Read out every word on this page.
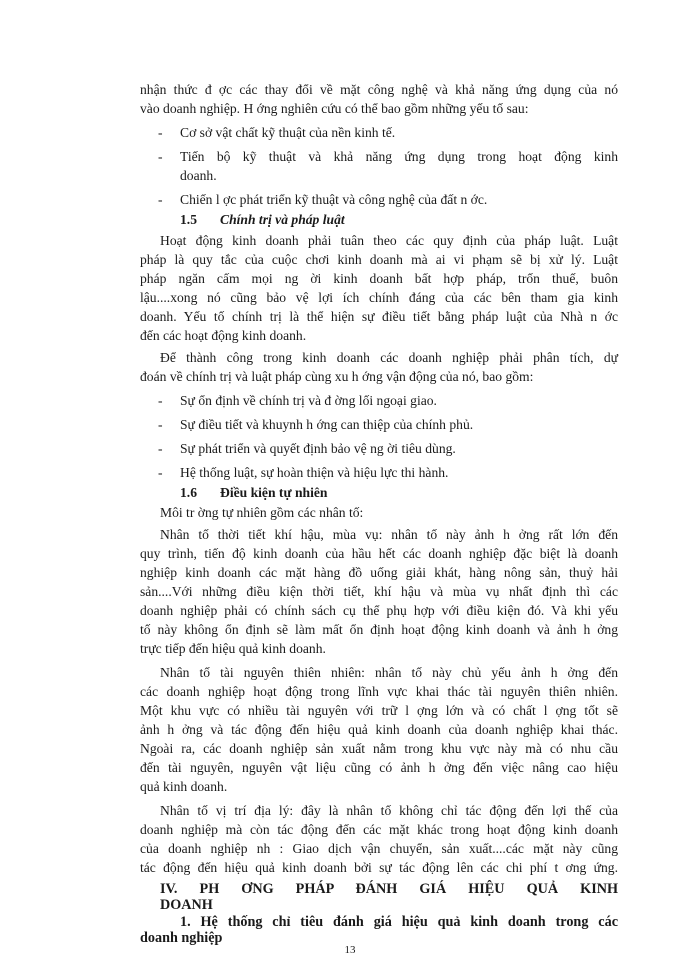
nhận thức đ ợc các thay đổi về mặt công nghệ và khả năng ứng dụng của nó

vào doanh nghiệp. H ớng nghiên cứu có thể bao gồm những yếu tố sau:

- Cơ sở vật chất kỹ thuật của nền kinh tế.
- Tiến bộ kỹ thuật và khả năng ứng dụng trong hoạt động kinh

doanh.

- Chiến l ợc phát triển kỹ thuật và công nghệ của đất n ớc.

1.5 Chính trị và pháp luật

Hoạt động kinh doanh phải tuân theo các quy định của pháp luật. Luật

pháp là quy tắc của cuộc chơi kinh doanh mà ai vi phạm sẽ bị xử lý. Luật

pháp ngăn cấm mọi ng ời kinh doanh bất hợp pháp, trốn thuế, buôn

lậu....xong nó cũng bảo vệ lợi ích chính đáng của các bên tham gia kinh

doanh. Yếu tố chính trị là thể hiện sự điều tiết bằng pháp luật của Nhà n ớc

đến các hoạt động kinh doanh.

Để thành công trong kinh doanh các doanh nghiệp phải phân tích, dự

đoán về chính trị và luật pháp cùng xu h ớng vận động của nó, bao gồm:

- Sự ổn định về chính trị và đ ờng lối ngoại giao.
- Sự điều tiết và khuynh h ớng can thiệp của chính phủ.
- Sự phát triển và quyết định bảo vệ ng ời tiêu dùng.
- Hệ thống luật, sự hoàn thiện và hiệu lực thi hành.

1.6 Điều kiện tự nhiên

Môi tr ờng tự nhiên gồm các nhân tố:

Nhân tố thời tiết khí hậu, mùa vụ: nhân tố này ảnh h ởng rất lớn đến

quy trình, tiến độ kinh doanh của hầu hết các doanh nghiệp đặc biệt là doanh

nghiệp kinh doanh các mặt hàng đồ uống giải khát, hàng nông sản, thuỷ hải

sản....Với những điều kiện thời tiết, khí hậu và mùa vụ nhất định thì các

doanh nghiệp phải có chính sách cụ thể phụ hợp với điều kiện đó. Và khi yếu

tố này không ổn định sẽ làm mất ổn định hoạt động kinh doanh và ảnh h ởng

trực tiếp đến hiệu quả kinh doanh.

Nhân tố tài nguyên thiên nhiên: nhân tố này chủ yếu ảnh h ởng đến

các doanh nghiệp hoạt động trong lĩnh vực khai thác tài nguyên thiên nhiên.

Một khu vực có nhiều tài nguyên với trữ l ợng lớn và có chất l ợng tốt sẽ

ảnh h ởng và tác động đến hiệu quả kinh doanh của doanh nghiệp khai thác.

Ngoài ra, các doanh nghiệp sản xuất nằm trong khu vực này mà có nhu cầu

đến tài nguyên, nguyên vật liệu cũng có ảnh h ởng đến việc nâng cao hiệu

quả kinh doanh.

Nhân tố vị trí địa lý: đây là nhân tố không chỉ tác động đến lợi thế của

doanh nghiệp mà còn tác động đến các mặt khác trong hoạt động kinh doanh

của doanh nghiệp nh : Giao dịch vận chuyển, sản xuất....các mặt này cũng

tác động đến hiệu quả kinh doanh bởi sự tác động lên các chi phí t ơng ứng.

IV. PH ƠNG PHÁP ĐÁNH GIÁ HIỆU QUẢ KINH

DOANH

1. Hệ thống chỉ tiêu đánh giá hiệu quả kinh doanh trong các

doanh nghiệp

13
